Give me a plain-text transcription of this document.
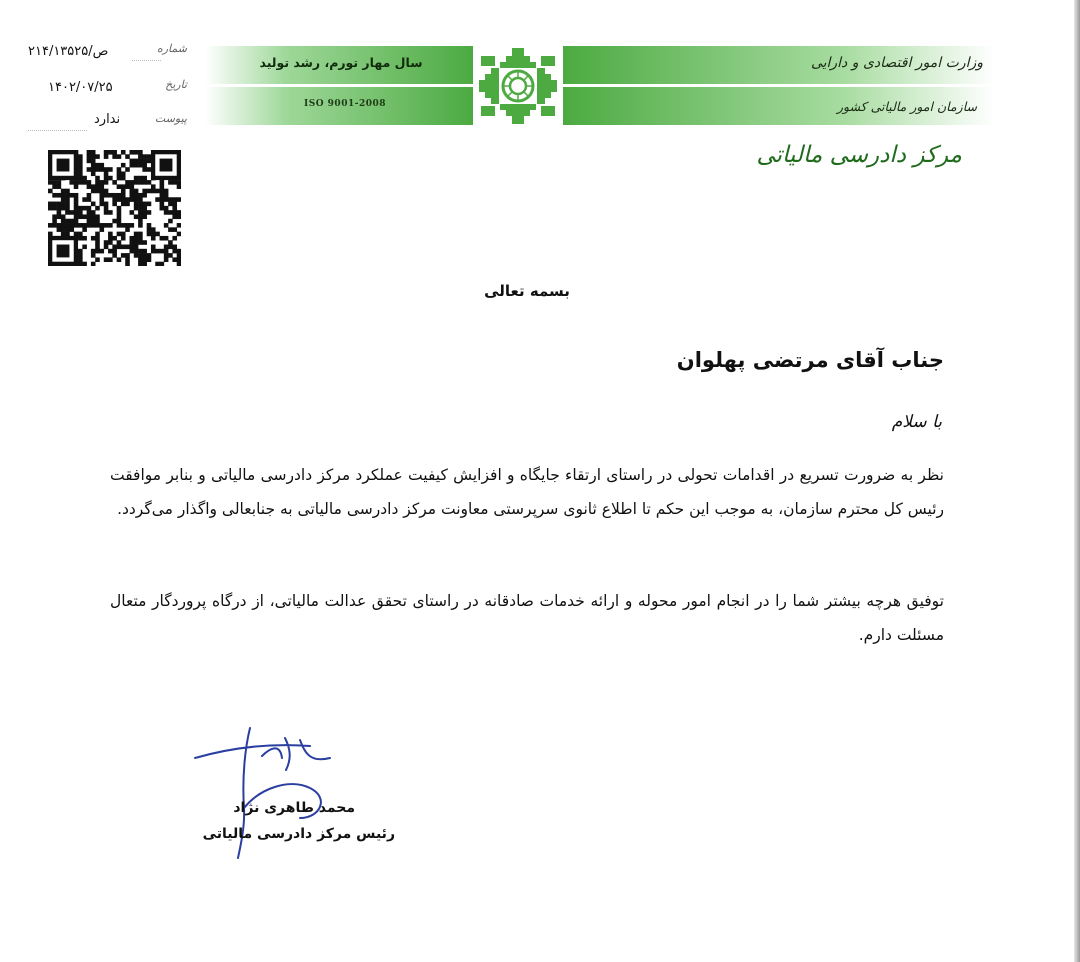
سال مهار تورم، رشد تولید	وزارت امور اقتصادی و دارایی
ISO 9001-2008	سازمان امور مالیاتی کشور
مرکز دادرسی مالیاتی
۲۱۴/۱۳۵۲۵/ص	شماره
۱۴۰۲/۰۷/۲۵	تاریخ
ندارد	پیوست

بسمه تعالی

جناب آقای مرتضی پهلوان
با سلام

نظر به ضرورت تسریع در اقدامات تحولی در راستای ارتقاء جایگاه و افزایش کیفیت عملکرد مرکز دادرسی مالیاتی و بنابر موافقت رئیس کل محترم سازمان، به موجب این حکم تا اطلاع ثانوی سرپرستی معاونت مرکز دادرسی مالیاتی به جنابعالی واگذار می‌گردد.

توفیق هرچه بیشتر شما را در انجام امور محوله و ارائه خدمات صادقانه در راستای تحقق عدالت مالیاتی، از درگاه پروردگار متعال مسئلت دارم.

محمد طاهری نژاد
رئیس مرکز دادرسی مالیاتی
